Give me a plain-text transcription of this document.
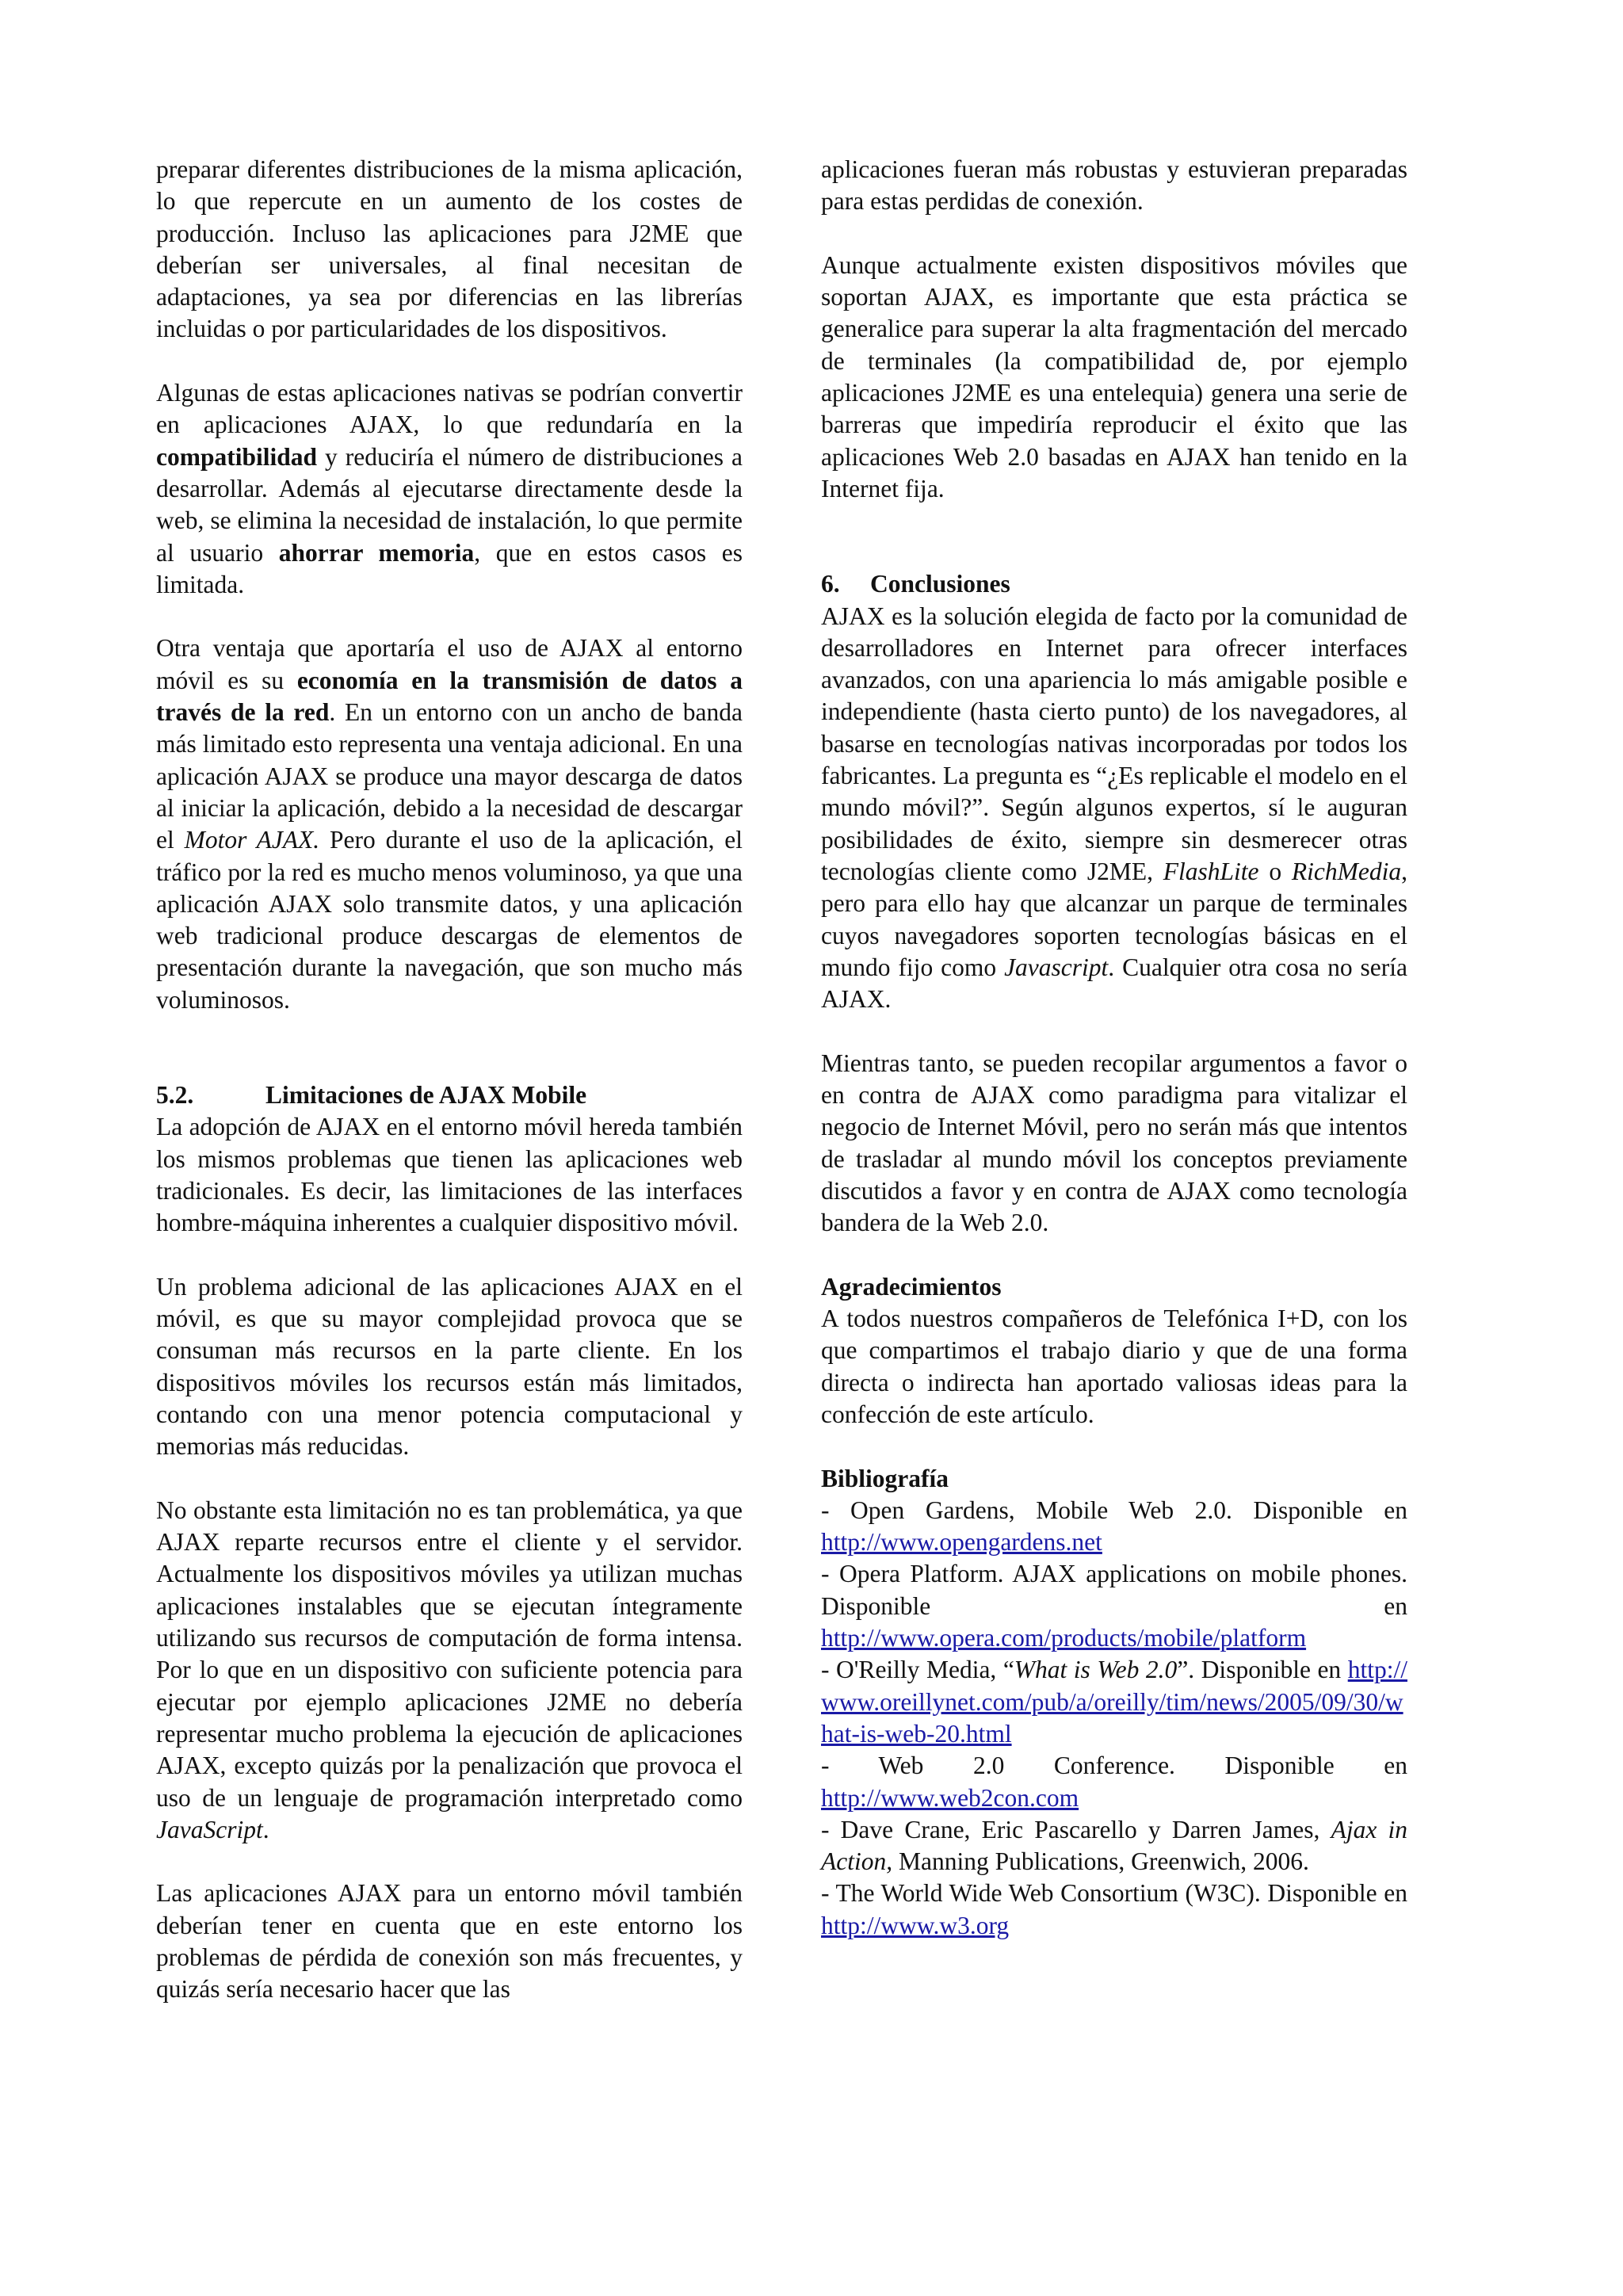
preparar diferentes distribuciones de la misma aplicación, lo que repercute en un aumento de los costes de producción. Incluso las aplicaciones para J2ME que deberían ser universales, al final necesitan de adaptaciones, ya sea por diferencias en las librerías incluidas o por particularidades de los dispositivos.

Algunas de estas aplicaciones nativas se podrían convertir en aplicaciones AJAX, lo que redundaría en la compatibilidad y reduciría el número de distribuciones a desarrollar. Además al ejecutarse directamente desde la web, se elimina la necesidad de instalación, lo que permite al usuario ahorrar memoria, que en estos casos es limitada.

Otra ventaja que aportaría el uso de AJAX al entorno móvil es su economía en la transmisión de datos a través de la red. En un entorno con un ancho de banda más limitado esto representa una ventaja adicional. En una aplicación AJAX se produce una mayor descarga de datos al iniciar la aplicación, debido a la necesidad de descargar el Motor AJAX. Pero durante el uso de la aplicación, el tráfico por la red es mucho menos voluminoso, ya que una aplicación AJAX solo transmite datos, y una aplicación web tradicional produce descargas de elementos de presentación durante la navegación, que son mucho más voluminosos.

5.2.	Limitaciones de AJAX Mobile

La adopción de AJAX en el entorno móvil hereda también los mismos problemas que tienen las aplicaciones web tradicionales. Es decir, las limitaciones de las interfaces hombre-máquina inherentes a cualquier dispositivo móvil.

Un problema adicional de las aplicaciones AJAX en el móvil, es que su mayor complejidad provoca que se consuman más recursos en la parte cliente. En los dispositivos móviles los recursos están más limitados, contando con una menor potencia computacional y memorias más reducidas.

No obstante esta limitación no es tan problemática, ya que AJAX reparte recursos entre el cliente y el servidor. Actualmente los dispositivos móviles ya utilizan muchas aplicaciones instalables que se ejecutan íntegramente utilizando sus recursos de computación de forma intensa. Por lo que en un dispositivo con suficiente potencia para ejecutar por ejemplo aplicaciones J2ME no debería representar mucho problema la ejecución de aplicaciones AJAX, excepto quizás por la penalización que provoca el uso de un lenguaje de programación interpretado como JavaScript.

Las aplicaciones AJAX para un entorno móvil también deberían tener en cuenta que en este entorno los problemas de pérdida de conexión son más frecuentes, y quizás sería necesario hacer que las

aplicaciones fueran más robustas y estuvieran preparadas para estas perdidas de conexión.

Aunque actualmente existen dispositivos móviles que soportan AJAX, es importante que esta práctica se generalice para superar la alta fragmentación del mercado de terminales (la compatibilidad de, por ejemplo aplicaciones J2ME es una entelequia) genera una serie de barreras que impediría reproducir el éxito que las aplicaciones Web 2.0 basadas en AJAX han tenido en la Internet fija.

6. Conclusiones

AJAX es la solución elegida de facto por la comunidad de desarrolladores en Internet para ofrecer interfaces avanzados, con una apariencia lo más amigable posible e independiente (hasta cierto punto) de los navegadores, al basarse en tecnologías nativas incorporadas por todos los fabricantes. La pregunta es “¿Es replicable el modelo en el mundo móvil?”. Según algunos expertos, sí le auguran posibilidades de éxito, siempre sin desmerecer otras tecnologías cliente como J2ME, FlashLite o RichMedia, pero para ello hay que alcanzar un parque de terminales cuyos navegadores soporten tecnologías básicas en el mundo fijo como Javascript. Cualquier otra cosa no sería AJAX.

Mientras tanto, se pueden recopilar argumentos a favor o en contra de AJAX como paradigma para vitalizar el negocio de Internet Móvil, pero no serán más que intentos de trasladar al mundo móvil los conceptos previamente discutidos a favor y en contra de AJAX como tecnología bandera de la Web 2.0.

Agradecimientos

A todos nuestros compañeros de Telefónica I+D, con los que compartimos el trabajo diario y que de una forma directa o indirecta han aportado valiosas ideas para la confección de este artículo.

Bibliografía

- Open Gardens, Mobile Web 2.0. Disponible en http://www.opengardens.net

- Opera Platform. AJAX applications on mobile phones. Disponible en http://www.opera.com/products/mobile/platform

- O'Reilly Media, “What is Web 2.0”. Disponible en http://www.oreillynet.com/pub/a/oreilly/tim/news/2005/09/30/what-is-web-20.html

- Web 2.0 Conference. Disponible en http://www.web2con.com

- Dave Crane, Eric Pascarello y Darren James, Ajax in Action, Manning Publications, Greenwich, 2006.

- The World Wide Web Consortium (W3C). Disponible en http://www.w3.org
